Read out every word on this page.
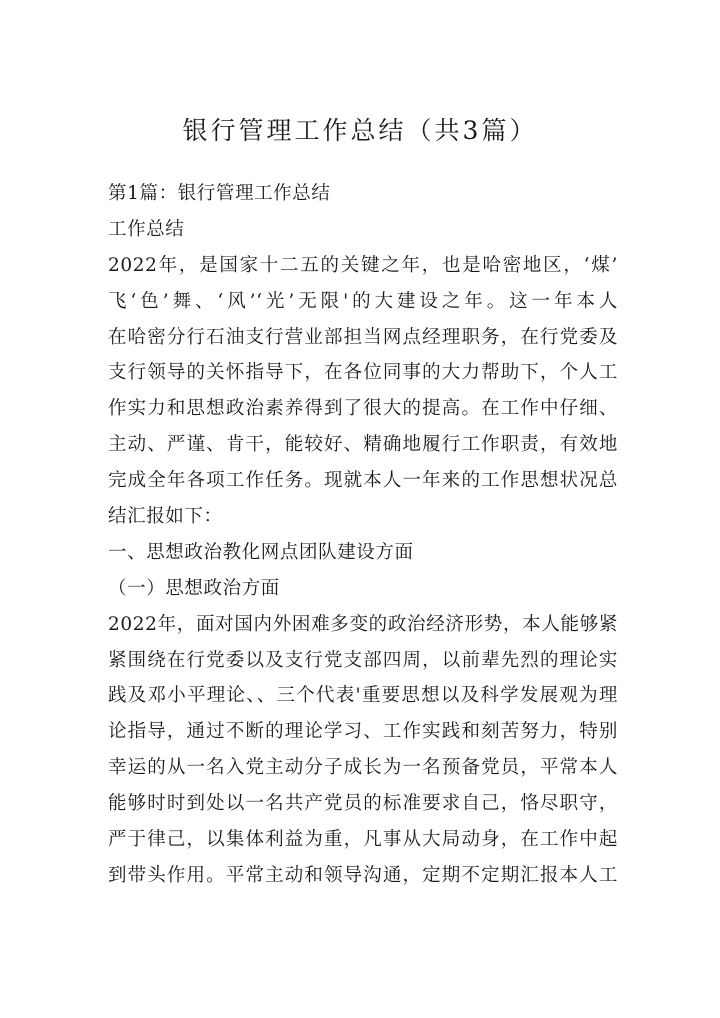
银行管理工作总结（共3篇）
第1篇：银行管理工作总结
工作总结
2022年，是国家十二五的关键之年，也是哈密地区，‘煤’
飞‘色’舞、‘风’‘光’无限'的大建设之年。这一年本人
在哈密分行石油支行营业部担当网点经理职务，在行党委及
支行领导的关怀指导下，在各位同事的大力帮助下，个人工
作实力和思想政治素养得到了很大的提高。在工作中仔细、
主动、严谨、肯干，能较好、精确地履行工作职责，有效地
完成全年各项工作任务。现就本人一年来的工作思想状况总
结汇报如下：
一、思想政治教化网点团队建设方面
（一）思想政治方面
2022年，面对国内外困难多变的政治经济形势，本人能够紧
紧围绕在行党委以及支行党支部四周，以前辈先烈的理论实
践及邓小平理论、、三个代表'重要思想以及科学发展观为理
论指导，通过不断的理论学习、工作实践和刻苦努力，特别
幸运的从一名入党主动分子成长为一名预备党员，平常本人
能够时时到处以一名共产党员的标准要求自己，恪尽职守，
严于律己，以集体利益为重，凡事从大局动身，在工作中起
到带头作用。平常主动和领导沟通，定期不定期汇报本人工
